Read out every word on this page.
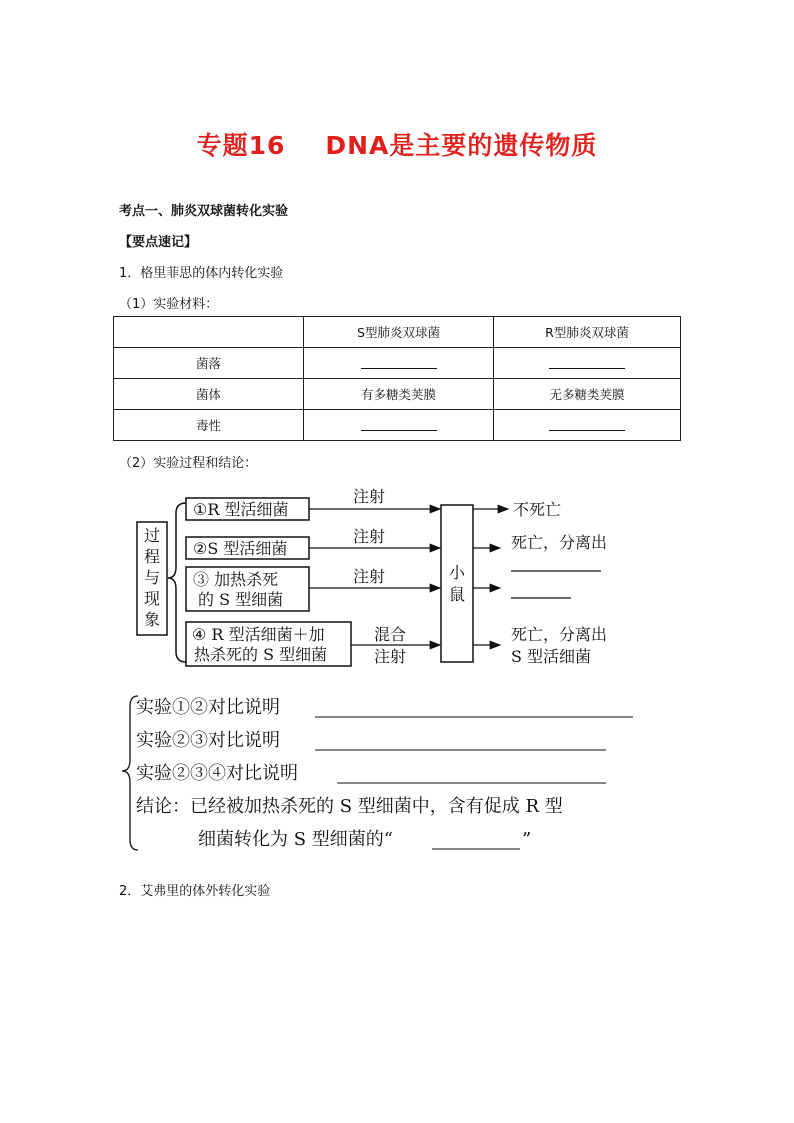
专题16 DNA是主要的遗传物质
考点一、肺炎双球菌转化实验
【要点速记】
1．格里菲思的体内转化实验
（1）实验材料：
	S型肺炎双球菌	R型肺炎双球菌
菌落		
菌体	有多糖类荚膜	无多糖类荚膜
毒性		
（2）实验过程和结论：
过
程
与
现
象
①R 型活细菌
②S 型活细菌
③ 加热杀死
的 S 型细菌
④ R 型活细菌＋加
热杀死的 S 型细菌
注射
注射
注射
混合
注射
小
鼠
不死亡
死亡，分离出
死亡，分离出
S 型活细菌
实验①②对比说明
实验②③对比说明
实验②③④对比说明
结论：已经被加热杀死的 S 型细菌中，含有促成 R 型
细菌转化为 S 型细菌的“	”
2．艾弗里的体外转化实验
